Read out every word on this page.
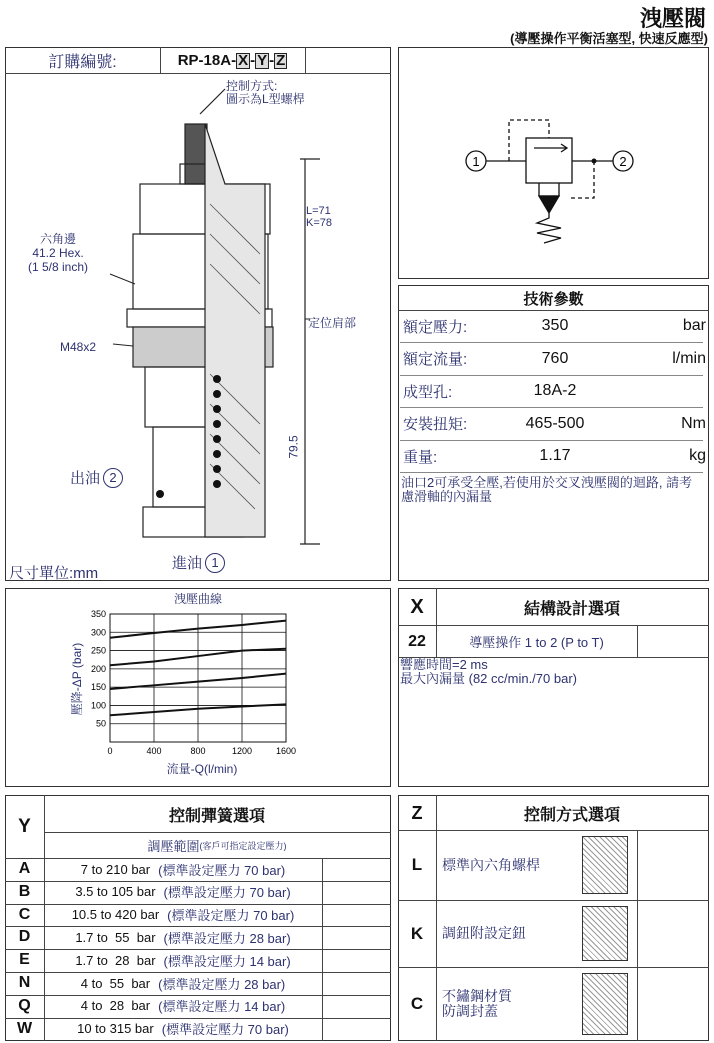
洩壓閥
(導壓操作平衡活塞型, 快速反應型)
訂購編號:	RP-18A- X - Y - Z
控制方式:
圖示為L型螺桿
六角邊
41.2 Hex.
(1 5/8 inch)
M48x2
L=71
K=78
定位肩部
79.5
出油 2
進油 1
尺寸單位:mm
1	2
技術參數
額定壓力:	350	bar
額定流量:	760	l/min
成型孔:	18A-2
安裝扭矩:	465-500	Nm
重量:	1.17	kg
油口2可承受全壓,若使用於交叉洩壓閥的迴路, 請考慮滑軸的內漏量
50
100
150
200
250
300
350
0	400	800	1200	1600
洩壓曲線
流量-Q(l/min)
壓降-ΔP (bar)
X	結構設計選項
22	導壓操作 1 to 2 (P to T)
響應時間=2 ms
最大內漏量 (82 cc/min./70 bar)
Y	控制彈簧選項
調壓範圍 (客戶可指定設定壓力)
A	7 to 210 bar (標準設定壓力 70 bar)
B	3.5 to 105 bar (標準設定壓力 70 bar)
C	10.5 to 420 bar (標準設定壓力 70 bar)
D	1.7 to  55  bar (標準設定壓力 28 bar)
E	1.7 to  28  bar (標準設定壓力 14 bar)
N	4 to  55  bar (標準設定壓力 28 bar)
Q	4 to  28  bar (標準設定壓力 14 bar)
W	10 to 315 bar (標準設定壓力 70 bar)
Z	控制方式選項
L	標準內六角螺桿
K	調鈕附設定鈕
C	不鏽鋼材質
防調封蓋
